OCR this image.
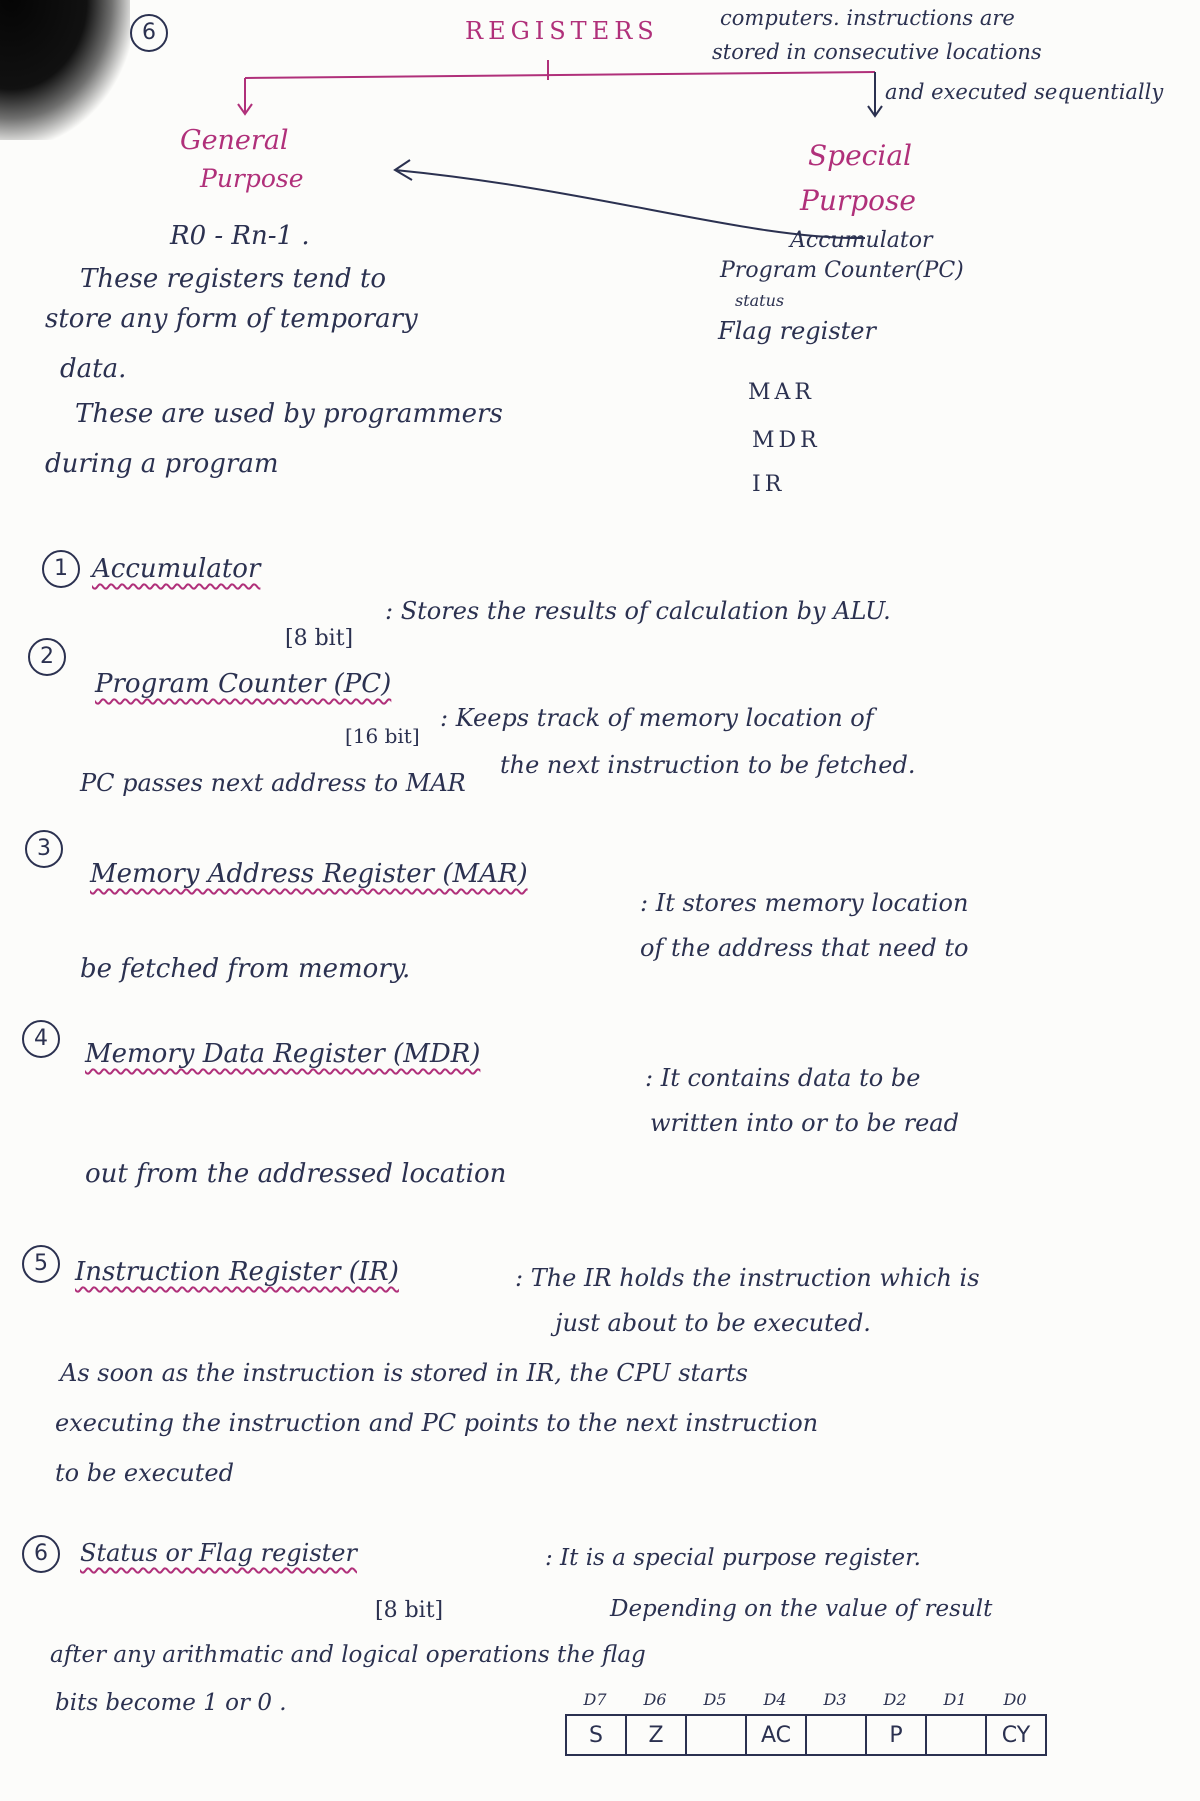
6	REGISTERS	computers. instructions are
stored in consecutive locations
and executed sequentially
General
Purpose
Special
Purpose
R0 - Rn-1 .
These registers tend to
store any form of temporary
data.
These are used by programmers
during a program
Accumulator
Program Counter(PC)
status
Flag register
MAR
MDR
IR
1 Accumulator
: Stores the results of calculation by ALU.
[8 bit]
2
Program Counter (PC)
: Keeps track of memory location of
[16 bit]
the next instruction to be fetched.
PC passes next address to MAR
3
Memory Address Register (MAR)
: It stores memory location
of the address that need to
be fetched from memory.
4
Memory Data Register (MDR)
: It contains data to be
written into or to be read
out from the addressed location
5	Instruction Register (IR)	: The IR holds the instruction which is
just about to be executed.
As soon as the instruction is stored in IR, the CPU starts
executing the instruction and PC points to the next instruction
to be executed
6	Status or Flag register	: It is a special purpose register.
[8 bit]	Depending on the value of result
after any arithmatic and logical operations the flag
bits become 1 or 0 .	D7	D6	D5	D4	D3	D2	D1	D0
S	Z		AC		P		CY
